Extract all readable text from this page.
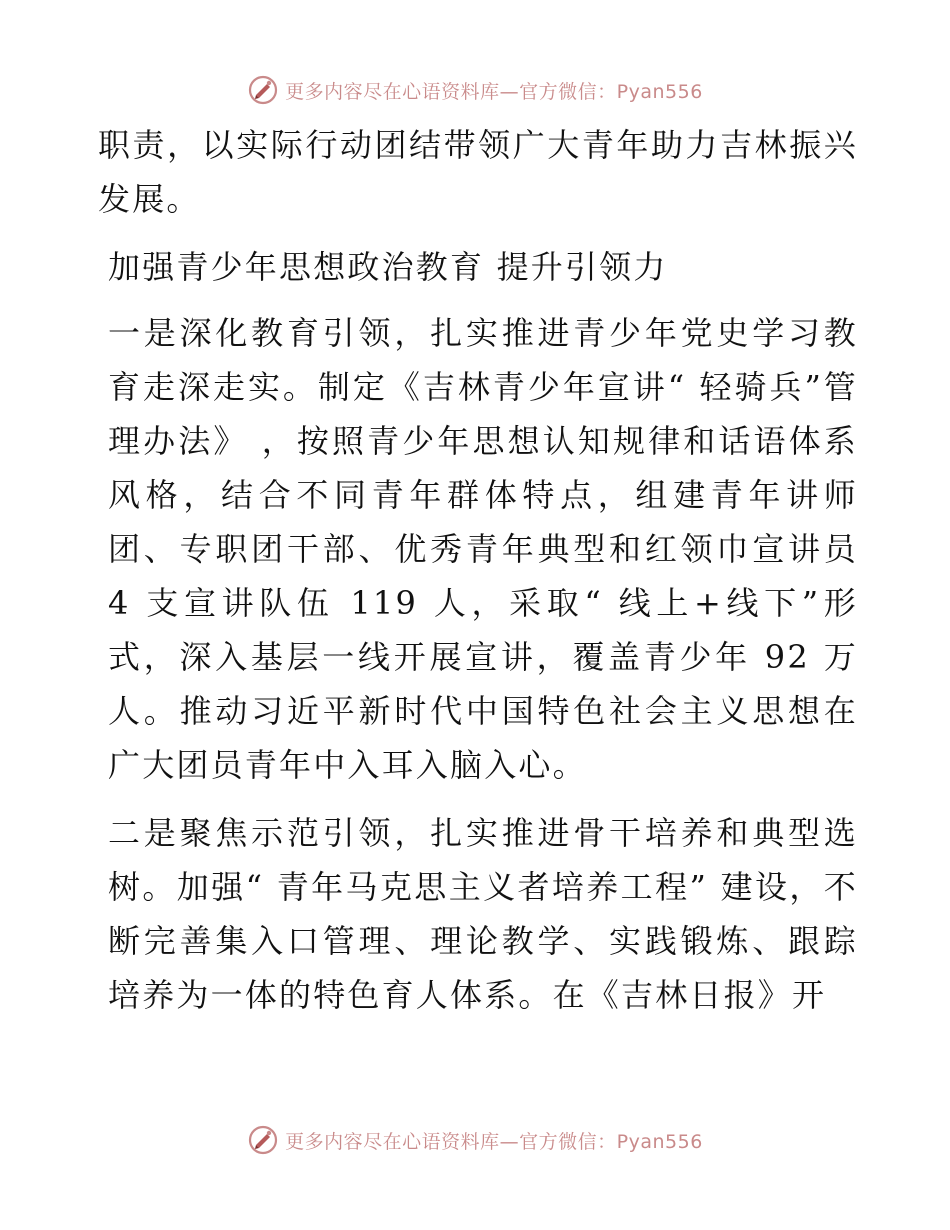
更多内容尽在心语资料库—官方微信：Pyan556

职责，以实际行动团结带领广大青年助力吉林振兴发展。

加强青少年思想政治教育 提升引领力

一是深化教育引领，扎实推进青少年党史学习教育走深走实。制定《吉林青少年宣讲“ 轻骑兵”管理办法》 ，按照青少年思想认知规律和话语体系风格，结合不同青年群体特点，组建青年讲师团、专职团干部、优秀青年典型和红领巾宣讲员 4 支宣讲队伍 119 人，采取“ 线上+线下”形式，深入基层一线开展宣讲，覆盖青少年 92 万人。推动习近平新时代中国特色社会主义思想在广大团员青年中入耳入脑入心。

二是聚焦示范引领，扎实推进骨干培养和典型选树。加强“ 青年马克思主义者培养工程” 建设，不断完善集入口管理、理论教学、实践锻炼、跟踪培养为一体的特色育人体系。在《吉林日报》开

更多内容尽在心语资料库—官方微信：Pyan556
